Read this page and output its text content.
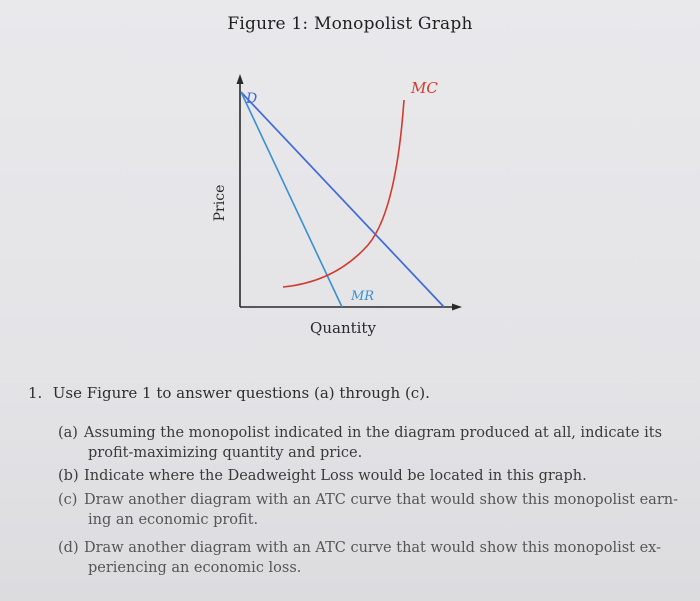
Figure 1: Monopolist Graph
Price
Quantity
D
MR
MC
1. Use Figure 1 to answer questions (a) through (c).
(a) Assuming the monopolist indicated in the diagram produced at all, indicate its
profit-maximizing quantity and price.
(b) Indicate where the Deadweight Loss would be located in this graph.
(c) Draw another diagram with an ATC curve that would show this monopolist earn-
ing an economic profit.
(d) Draw another diagram with an ATC curve that would show this monopolist ex-
periencing an economic loss.
